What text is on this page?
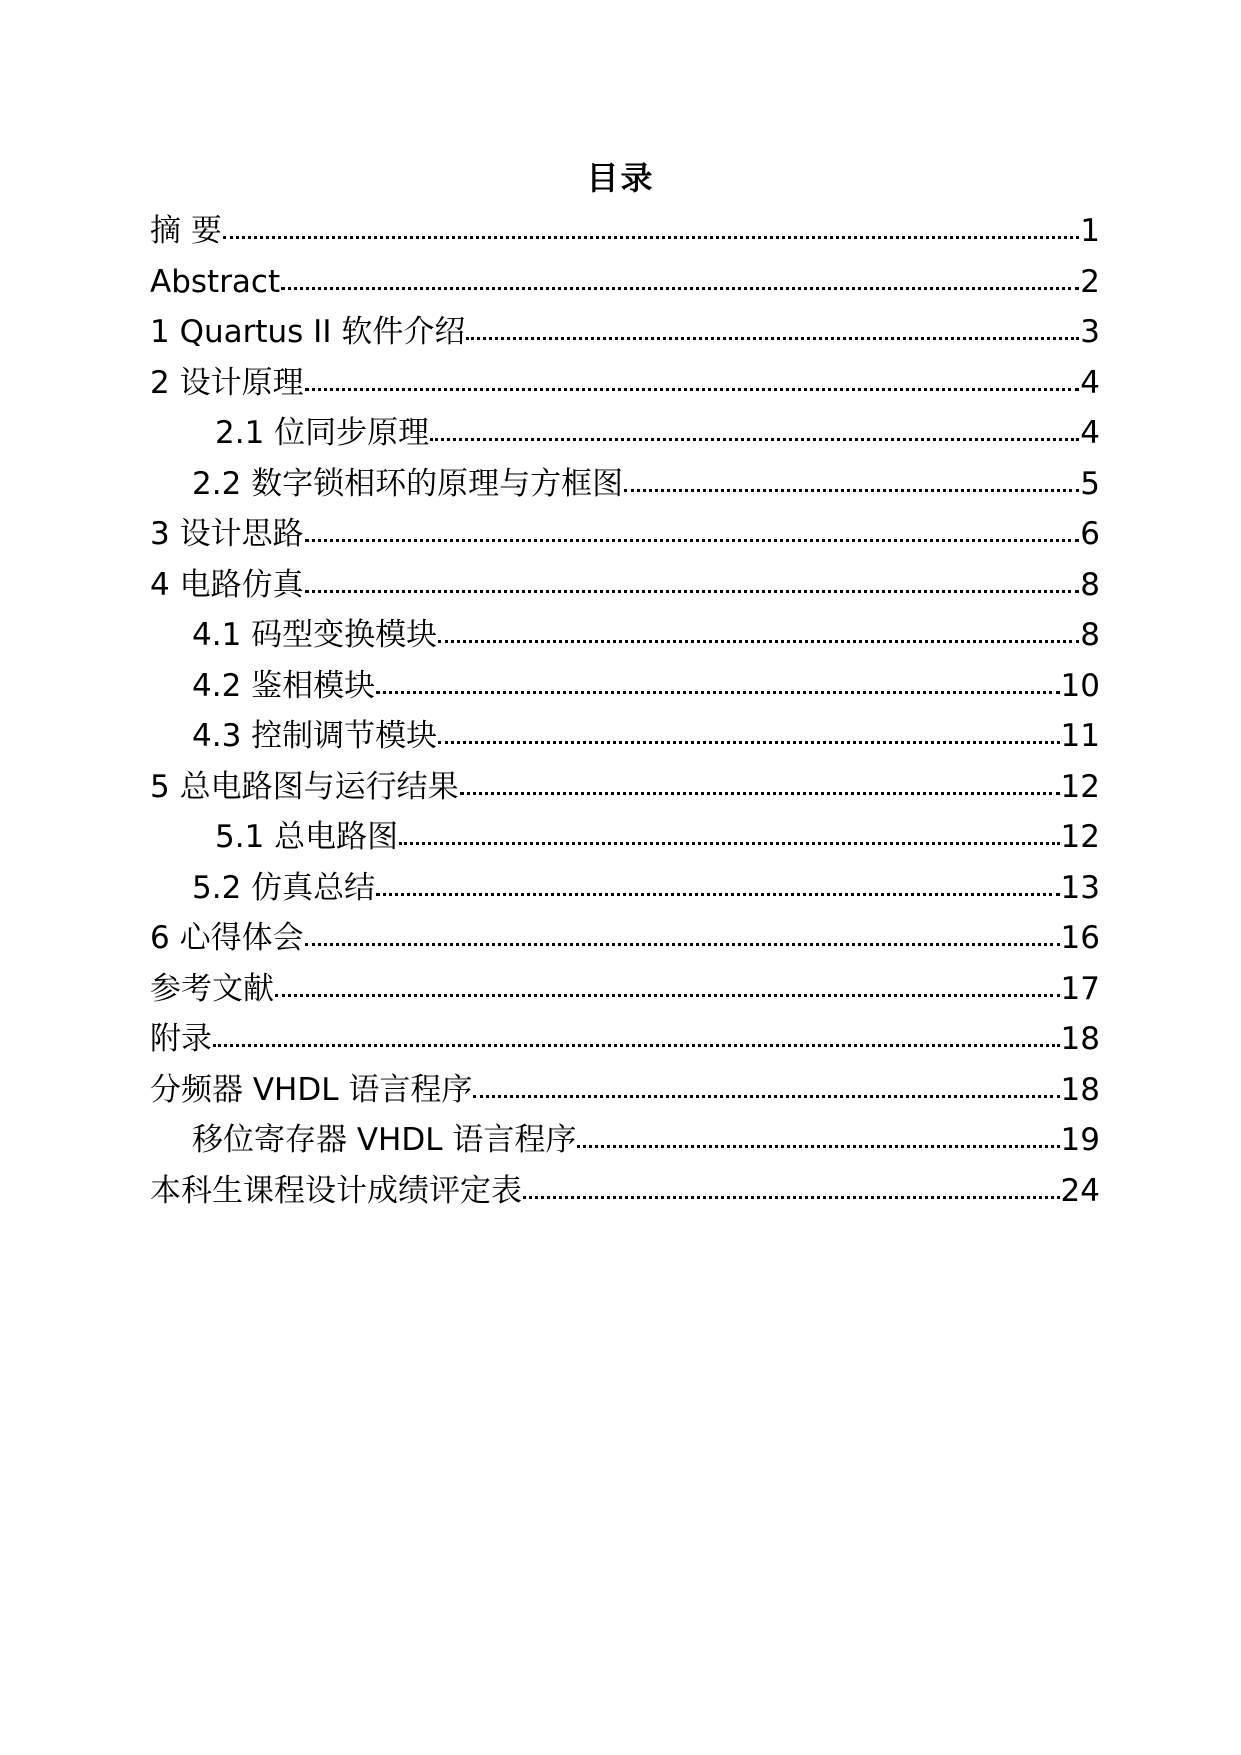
目录
摘 要	1
Abstract	2
1 Quartus II 软件介绍	3
2 设计原理	4
2.1 位同步原理	4
2.2 数字锁相环的原理与方框图	5
3 设计思路	6
4 电路仿真	8
4.1 码型变换模块	8
4.2 鉴相模块	10
4.3 控制调节模块	11
5 总电路图与运行结果	12
5.1 总电路图	12
5.2 仿真总结	13
6 心得体会	16
参考文献	17
附录	18
分频器 VHDL 语言程序	18
移位寄存器 VHDL 语言程序	19
本科生课程设计成绩评定表	24
